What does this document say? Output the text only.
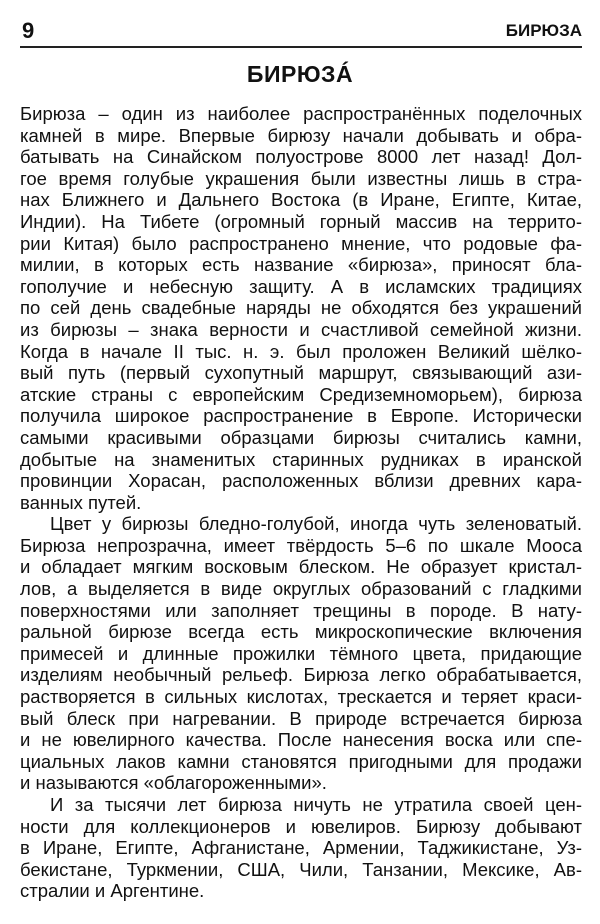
9	БИРЮЗА
БИРЮЗÁ
Бирюза – один из наиболее распространённых поделочных
камней в мире. Впервые бирюзу начали добывать и обра-
батывать на Синайском полуострове 8000 лет назад! Дол-
гое время голубые украшения были известны лишь в стра-
нах Ближнего и Дальнего Востока (в Иране, Египте, Китае,
Индии). На Тибете (огромный горный массив на террито-
рии Китая) было распространено мнение, что родовые фа-
милии, в которых есть название «бирюза», приносят бла-
гополучие и небесную защиту. А в исламских традициях
по сей день свадебные наряды не обходятся без украшений
из бирюзы – знака верности и счастливой семейной жизни.
Когда в начале II тыс. н. э. был проложен Великий шёлко-
вый путь (первый сухопутный маршрут, связывающий ази-
атские страны с европейским Средиземноморьем), бирюза
получила широкое распространение в Европе. Исторически
самыми красивыми образцами бирюзы считались камни,
добытые на знаменитых старинных рудниках в иранской
провинции Хорасан, расположенных вблизи древних кара-
ванных путей.
Цвет у бирюзы бледно-голубой, иногда чуть зеленоватый.
Бирюза непрозрачна, имеет твёрдость 5–6 по шкале Мооса
и обладает мягким восковым блеском. Не образует кристал-
лов, а выделяется в виде округлых образований с гладкими
поверхностями или заполняет трещины в породе. В нату-
ральной бирюзе всегда есть микроскопические включения
примесей и длинные прожилки тёмного цвета, придающие
изделиям необычный рельеф. Бирюза легко обрабатывается,
растворяется в сильных кислотах, трескается и теряет краси-
вый блеск при нагревании. В природе встречается бирюза
и не ювелирного качества. После нанесения воска или спе-
циальных лаков камни становятся пригодными для продажи
и называются «облагороженными».
И за тысячи лет бирюза ничуть не утратила своей цен-
ности для коллекционеров и ювелиров. Бирюзу добывают
в Иране, Египте, Афганистане, Армении, Таджикистане, Уз-
бекистане, Туркмении, США, Чили, Танзании, Мексике, Ав-
стралии и Аргентине.
